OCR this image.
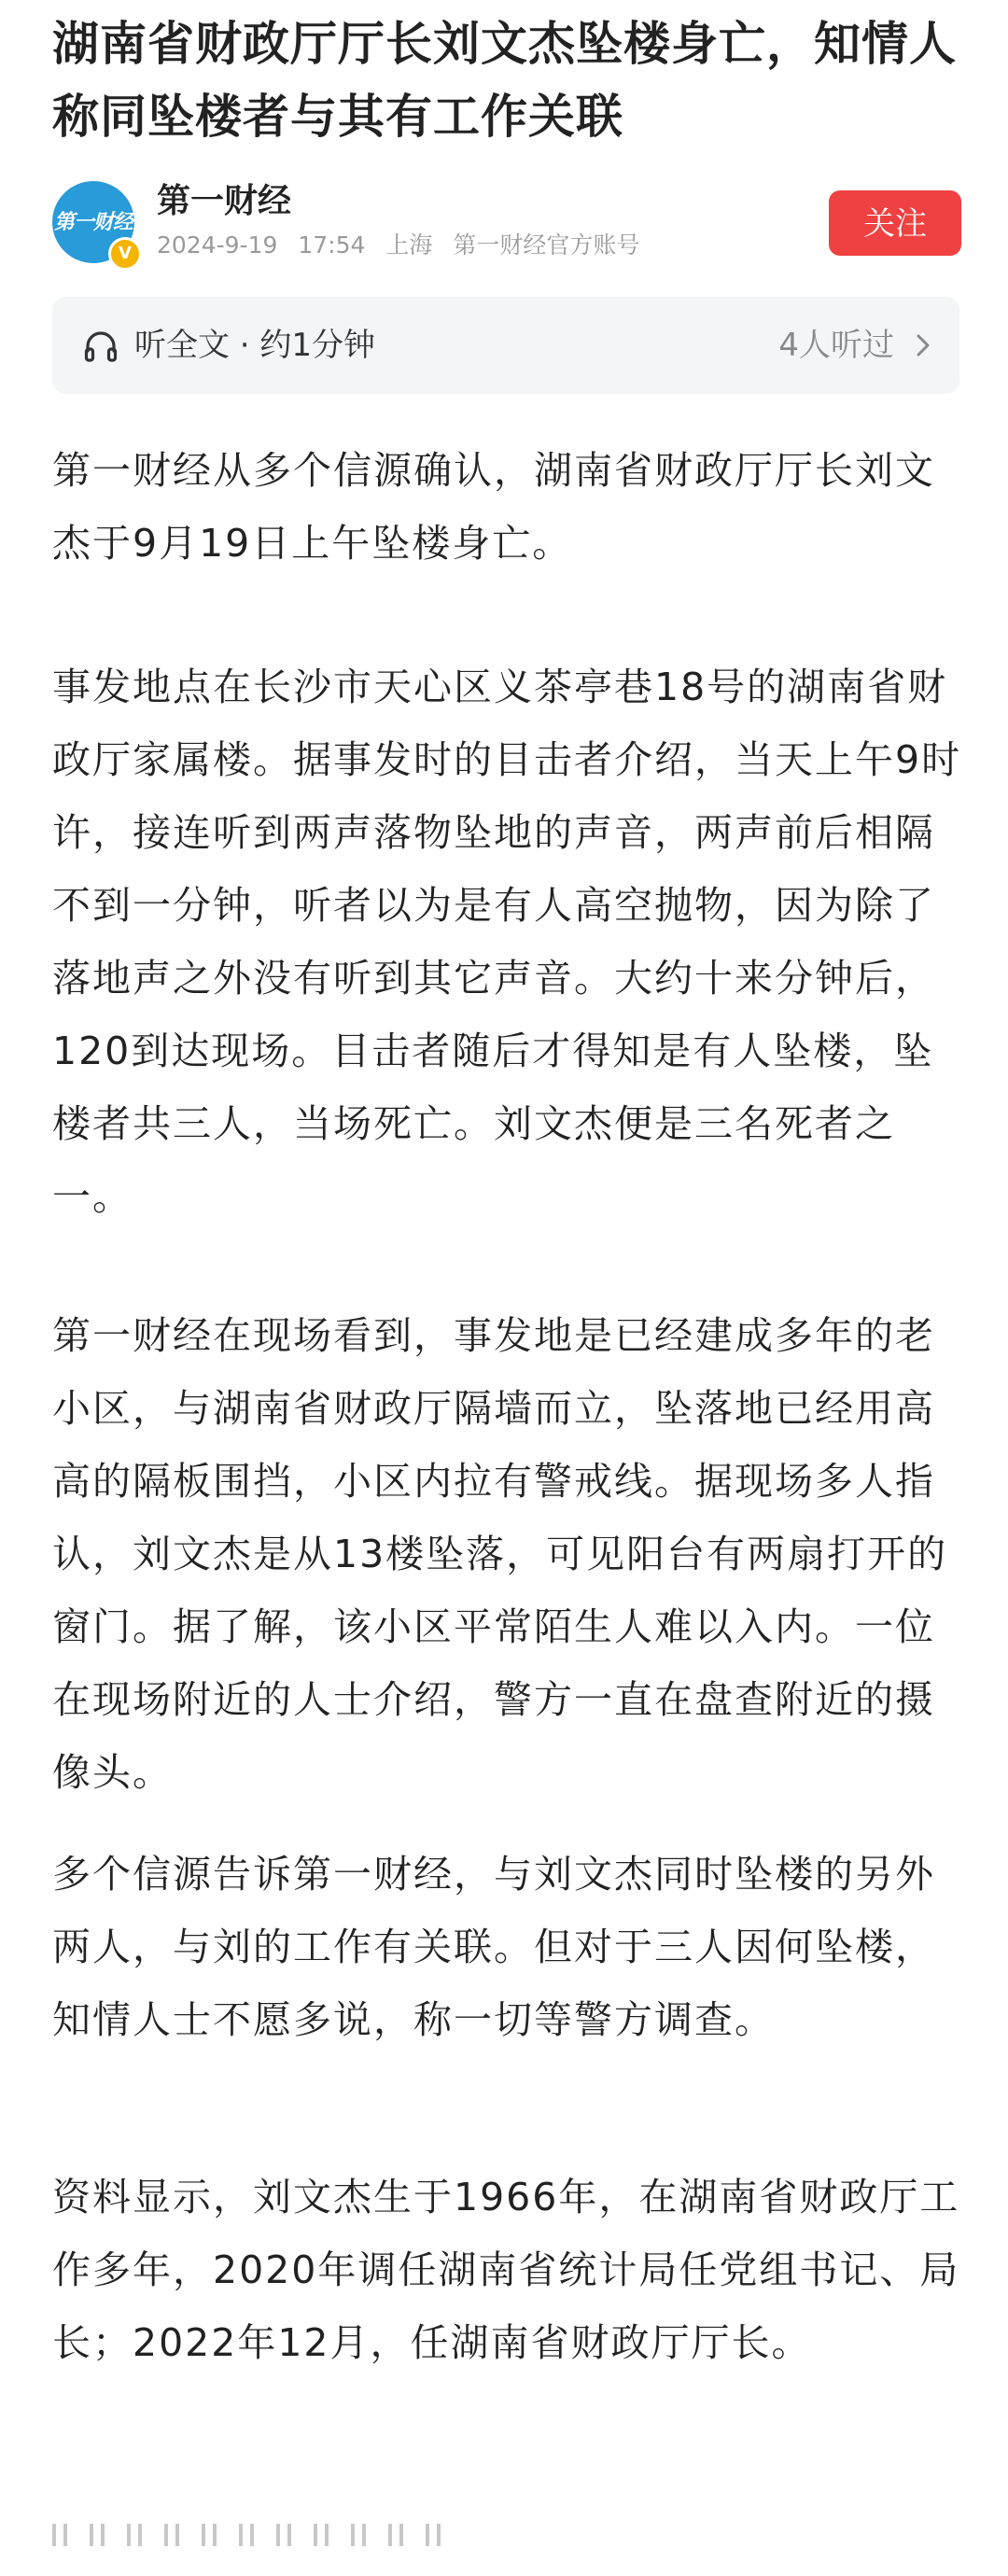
湖南省财政厅厅长刘文杰坠楼身亡，知情人称同坠楼者与其有工作关联
第一财经
V
第一财经
2024-9-19 17:54 上海 第一财经官方账号
关注
听全文 · 约1分钟	4人听过

第一财经从多个信源确认，湖南省财政厅厅长刘文杰于9月19日上午坠楼身亡。

事发地点在长沙市天心区义茶亭巷18号的湖南省财政厅家属楼。据事发时的目击者介绍，当天上午9时许，接连听到两声落物坠地的声音，两声前后相隔不到一分钟，听者以为是有人高空抛物，因为除了落地声之外没有听到其它声音。大约十来分钟后，120到达现场。目击者随后才得知是有人坠楼，坠楼者共三人，当场死亡。刘文杰便是三名死者之一。

第一财经在现场看到，事发地是已经建成多年的老小区，与湖南省财政厅隔墙而立，坠落地已经用高高的隔板围挡，小区内拉有警戒线。据现场多人指认，刘文杰是从13楼坠落，可见阳台有两扇打开的窗门。据了解，该小区平常陌生人难以入内。一位在现场附近的人士介绍，警方一直在盘查附近的摄像头。

多个信源告诉第一财经，与刘文杰同时坠楼的另外两人，与刘的工作有关联。但对于三人因何坠楼，知情人士不愿多说，称一切等警方调查。

资料显示，刘文杰生于1966年，在湖南省财政厅工作多年，2020年调任湖南省统计局任党组书记、局长；2022年12月，任湖南省财政厅厅长。
